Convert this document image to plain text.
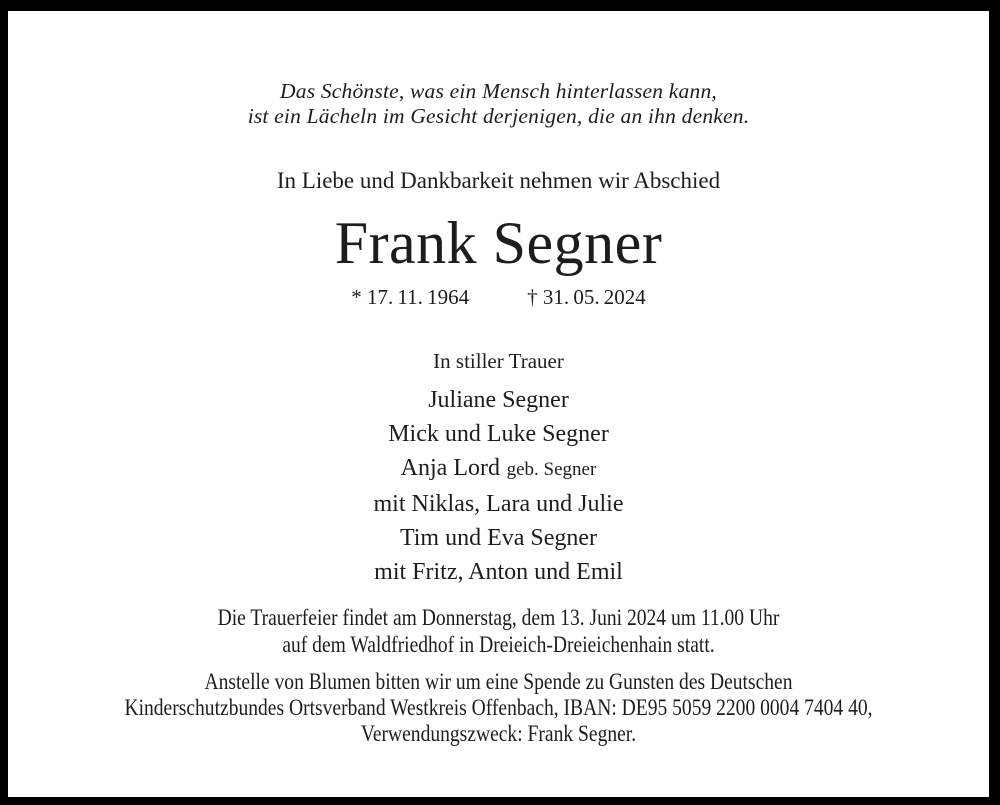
Das Schönste, was ein Mensch hinterlassen kann,
ist ein Lächeln im Gesicht derjenigen, die an ihn denken.
In Liebe und Dankbarkeit nehmen wir Abschied
Frank Segner
* 17. 11. 1964	† 31. 05. 2024
In stiller Trauer
Juliane Segner
Mick und Luke Segner
Anja Lord geb. Segner
mit Niklas, Lara und Julie
Tim und Eva Segner
mit Fritz, Anton und Emil
Die Trauerfeier findet am Donnerstag, dem 13. Juni 2024 um 11.00 Uhr
auf dem Waldfriedhof in Dreieich-Dreieichenhain statt.
Anstelle von Blumen bitten wir um eine Spende zu Gunsten des Deutschen
Kinderschutzbundes Ortsverband Westkreis Offenbach, IBAN: DE95 5059 2200 0004 7404 40,
Verwendungszweck: Frank Segner.
